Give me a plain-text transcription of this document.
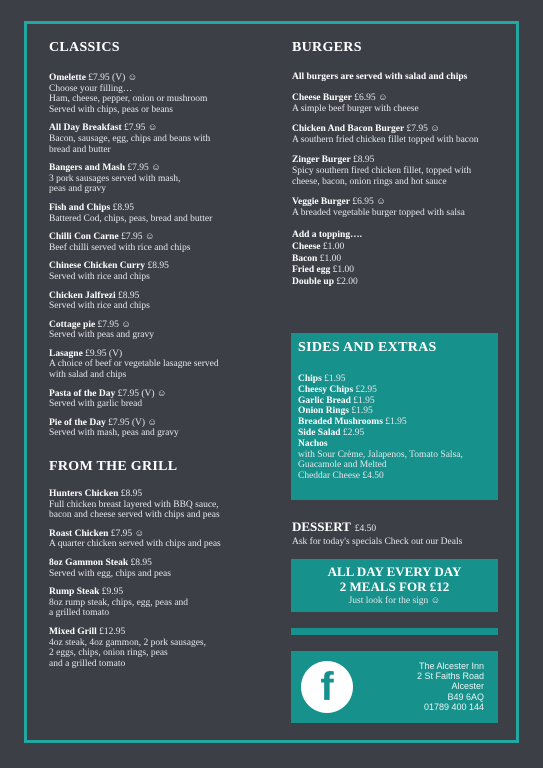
CLASSICS
Omelette £7.95 (V) ☺
Choose your filling…
Ham, cheese, pepper, onion or mushroom
Served with chips, peas or beans
All Day Breakfast £7.95 ☺
Bacon, sausage, egg, chips and beans with
bread and butter
Bangers and Mash £7.95 ☺
3 pork sausages served with mash,
peas and gravy
Fish and Chips £8.95
Battered Cod, chips, peas, bread and butter
Chilli Con Carne £7.95 ☺
Beef chilli served with rice and chips
Chinese Chicken Curry £8.95
Served with rice and chips
Chicken Jalfrezi £8.95
Served with rice and chips
Cottage pie £7.95 ☺
Served with peas and gravy
Lasagne £9.95 (V)
A choice of beef or vegetable lasagne served
with salad and chips
Pasta of the Day £7.95 (V) ☺
Served with garlic bread
Pie of the Day £7.95 (V) ☺
Served with mash, peas and gravy
FROM THE GRILL
Hunters Chicken £8.95
Full chicken breast layered with BBQ sauce,
bacon and cheese served with chips and peas
Roast Chicken £7.95 ☺
A quarter chicken served with chips and peas
8oz Gammon Steak £8.95
Served with egg, chips and peas
Rump Steak £9.95
8oz rump steak, chips, egg, peas and
a grilled tomato
Mixed Grill £12.95
4oz steak, 4oz gammon, 2 pork sausages,
2 eggs, chips, onion rings, peas
and a grilled tomato
BURGERS
All burgers are served with salad and chips
Cheese Burger £6.95 ☺
A simple beef burger with cheese
Chicken And Bacon Burger £7.95 ☺
A southern fried chicken fillet topped with bacon
Zinger Burger £8.95
Spicy southern fired chicken fillet, topped with
cheese, bacon, onion rings and hot sauce
Veggie Burger £6.95 ☺
A breaded vegetable burger topped with salsa
Add a topping….
Cheese £1.00
Bacon £1.00
Fried egg £1.00
Double up £2.00
SIDES AND EXTRAS
Chips £1.95
Cheesy Chips £2.95
Garlic Bread £1.95
Onion Rings £1.95
Breaded Mushrooms £1.95
Side Salad £2.95
Nachos
with Sour Crème, Jalapenos, Tomato Salsa,
Guacamole and Melted
Cheddar Cheese £4.50
DESSERT £4.50
Ask for today's specials Check out our Deals
ALL DAY EVERY DAY
2 MEALS FOR £12
Just look for the sign ☺
f	The Alcester Inn
2 St Faiths Road
Alcester
B49 6AQ
01789 400 144
